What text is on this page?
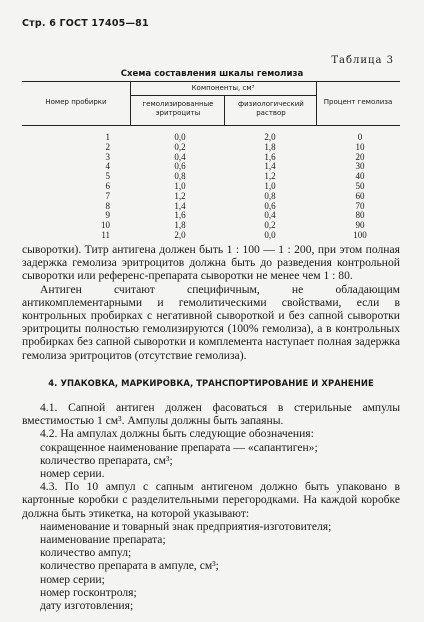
Стр. 6 ГОСТ 17405—81
Таблица 3
Схема составления шкалы гемолиза
Номер пробирки
Компоненты, см³
гемолизированные эритроциты
физиологический раствор
Процент гемолиза
1
2
3
4
5
6
7
8
9
10
11
0,0
0,2
0,4
0,6
0,8
1,0
1,2
1,4
1,6
1,8
2,0
2,0
1,8
1,6
1,4
1,2
1,0
0,8
0,6
0,4
0,2
0,0
0
10
20
30
40
50
60
70
80
90
100

сыворотки). Титр антигена должен быть 1 : 100 — 1 : 200, при этом полная задержка гемолиза эритроцитов должна быть до разведения контрольной сыворотки или референс-препарата сыворотки не менее чем 1 : 80.

Антиген считают специфичным, не обладающим антикомплементарными и гемолитическими свойствами, если в контрольных пробирках с негативной сывороткой и без сапной сыворотки эритроциты полностью гемолизируются (100% гемолиза), а в контрольных пробирках без сапной сыворотки и комплемента наступает полная задержка гемолиза эритроцитов (отсутствие гемолиза).

4. УПАКОВКА, МАРКИРОВКА, ТРАНСПОРТИРОВАНИЕ И ХРАНЕНИЕ

4.1. Сапной антиген должен фасоваться в стерильные ампулы вместимостью 1 см³. Ампулы должны быть запаяны.

4.2. На ампулах должны быть следующие обозначения:

сокращенное наименование препарата — «сапантиген»;

количество препарата, см³;

номер серии.

4.3. По 10 ампул с сапным антигеном должно быть упаковано в картонные коробки с разделительными перегородками. На каждой коробке должна быть этикетка, на которой указывают:

наименование и товарный знак предприятия-изготовителя;

наименование препарата;

количество ампул;

количество препарата в ампуле, см³;

номер серии;

номер госконтроля;

дату изготовления;
